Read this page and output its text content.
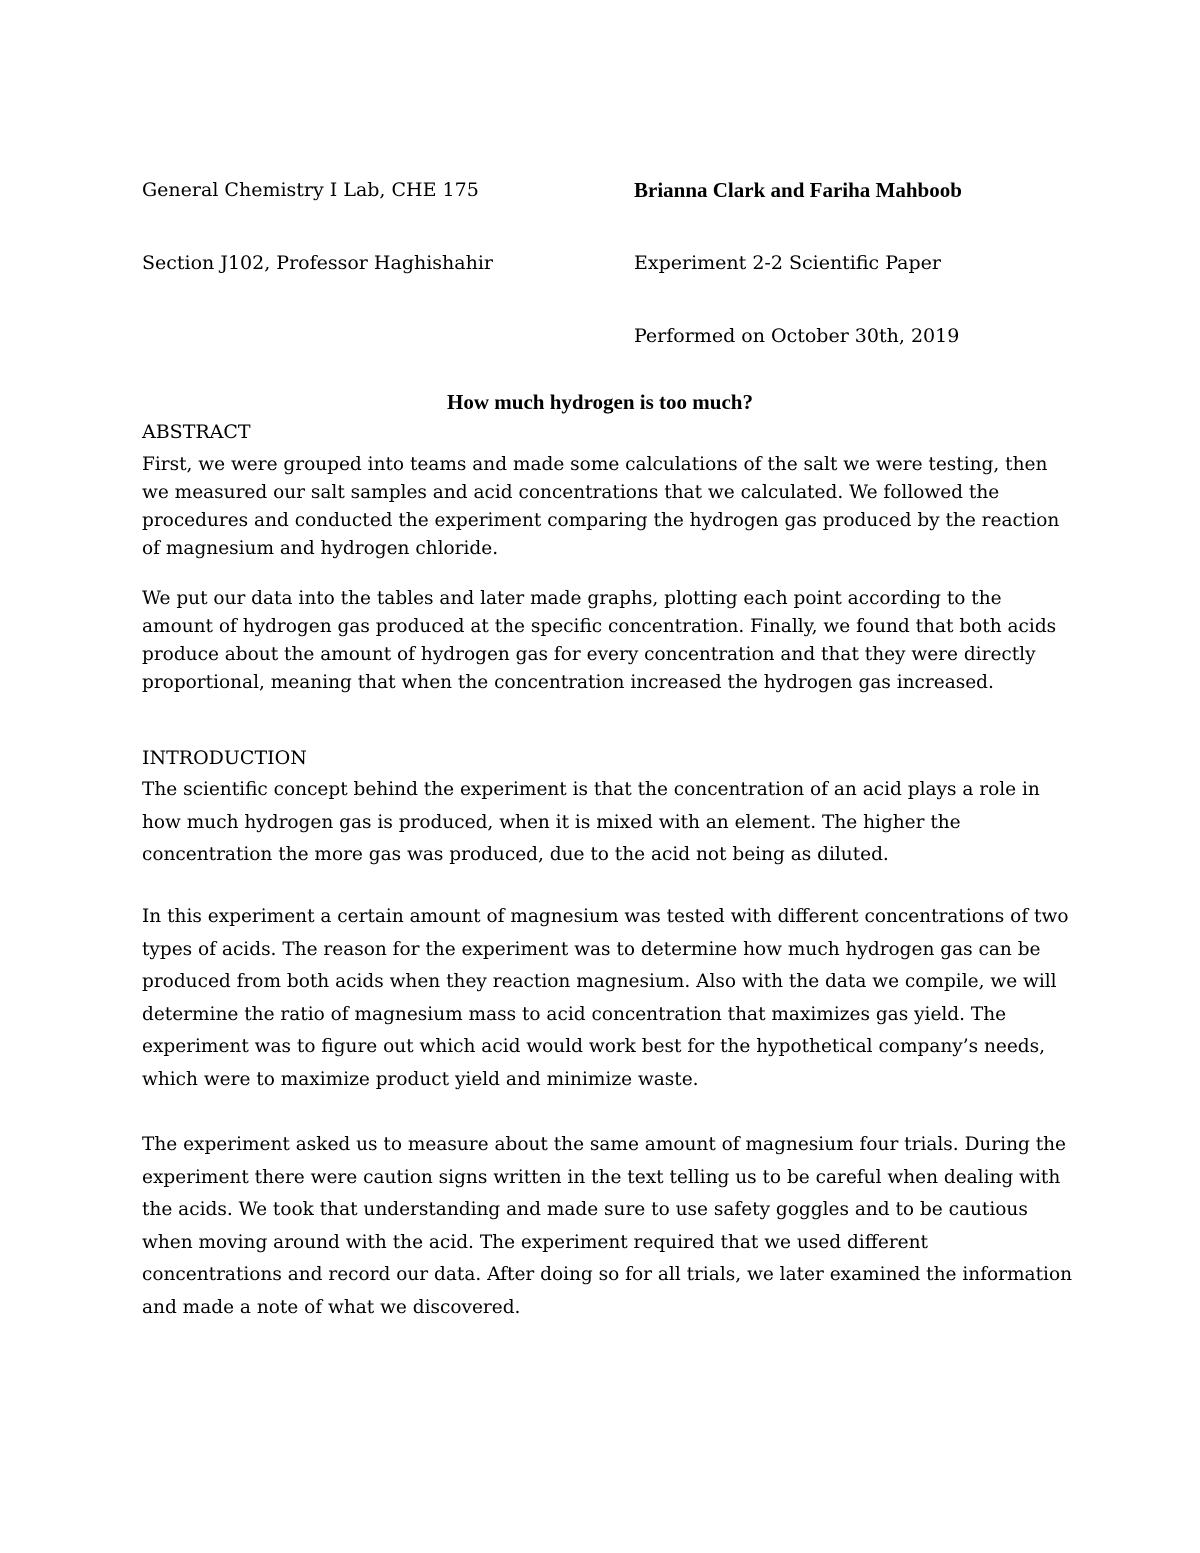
General Chemistry I Lab, CHE 175	Brianna Clark and Fariha Mahboob
Section J102, Professor Haghishahir	Experiment 2-2 Scientific Paper
Performed on October 30th, 2019
How much hydrogen is too much?

ABSTRACT

First, we were grouped into teams and made some calculations of the salt we were testing, then we measured our salt samples and acid concentrations that we calculated. We followed the procedures and conducted the experiment comparing the hydrogen gas produced by the reaction of magnesium and hydrogen chloride.

We put our data into the tables and later made graphs, plotting each point according to the amount of hydrogen gas produced at the specific concentration. Finally, we found that both acids produce about the amount of hydrogen gas for every concentration and that they were directly proportional, meaning that when the concentration increased the hydrogen gas increased.

INTRODUCTION

The scientific concept behind the experiment is that the concentration of an acid plays a role in how much hydrogen gas is produced, when it is mixed with an element. The higher the concentration the more gas was produced, due to the acid not being as diluted.

In this experiment a certain amount of magnesium was tested with different concentrations of two types of acids. The reason for the experiment was to determine how much hydrogen gas can be produced from both acids when they reaction magnesium. Also with the data we compile, we will determine the ratio of magnesium mass to acid concentration that maximizes gas yield. The experiment was to figure out which acid would work best for the hypothetical company’s needs, which were to maximize product yield and minimize waste.

The experiment asked us to measure about the same amount of magnesium four trials. During the experiment there were caution signs written in the text telling us to be careful when dealing with the acids. We took that understanding and made sure to use safety goggles and to be cautious when moving around with the acid. The experiment required that we used different concentrations and record our data. After doing so for all trials, we later examined the information and made a note of what we discovered.
